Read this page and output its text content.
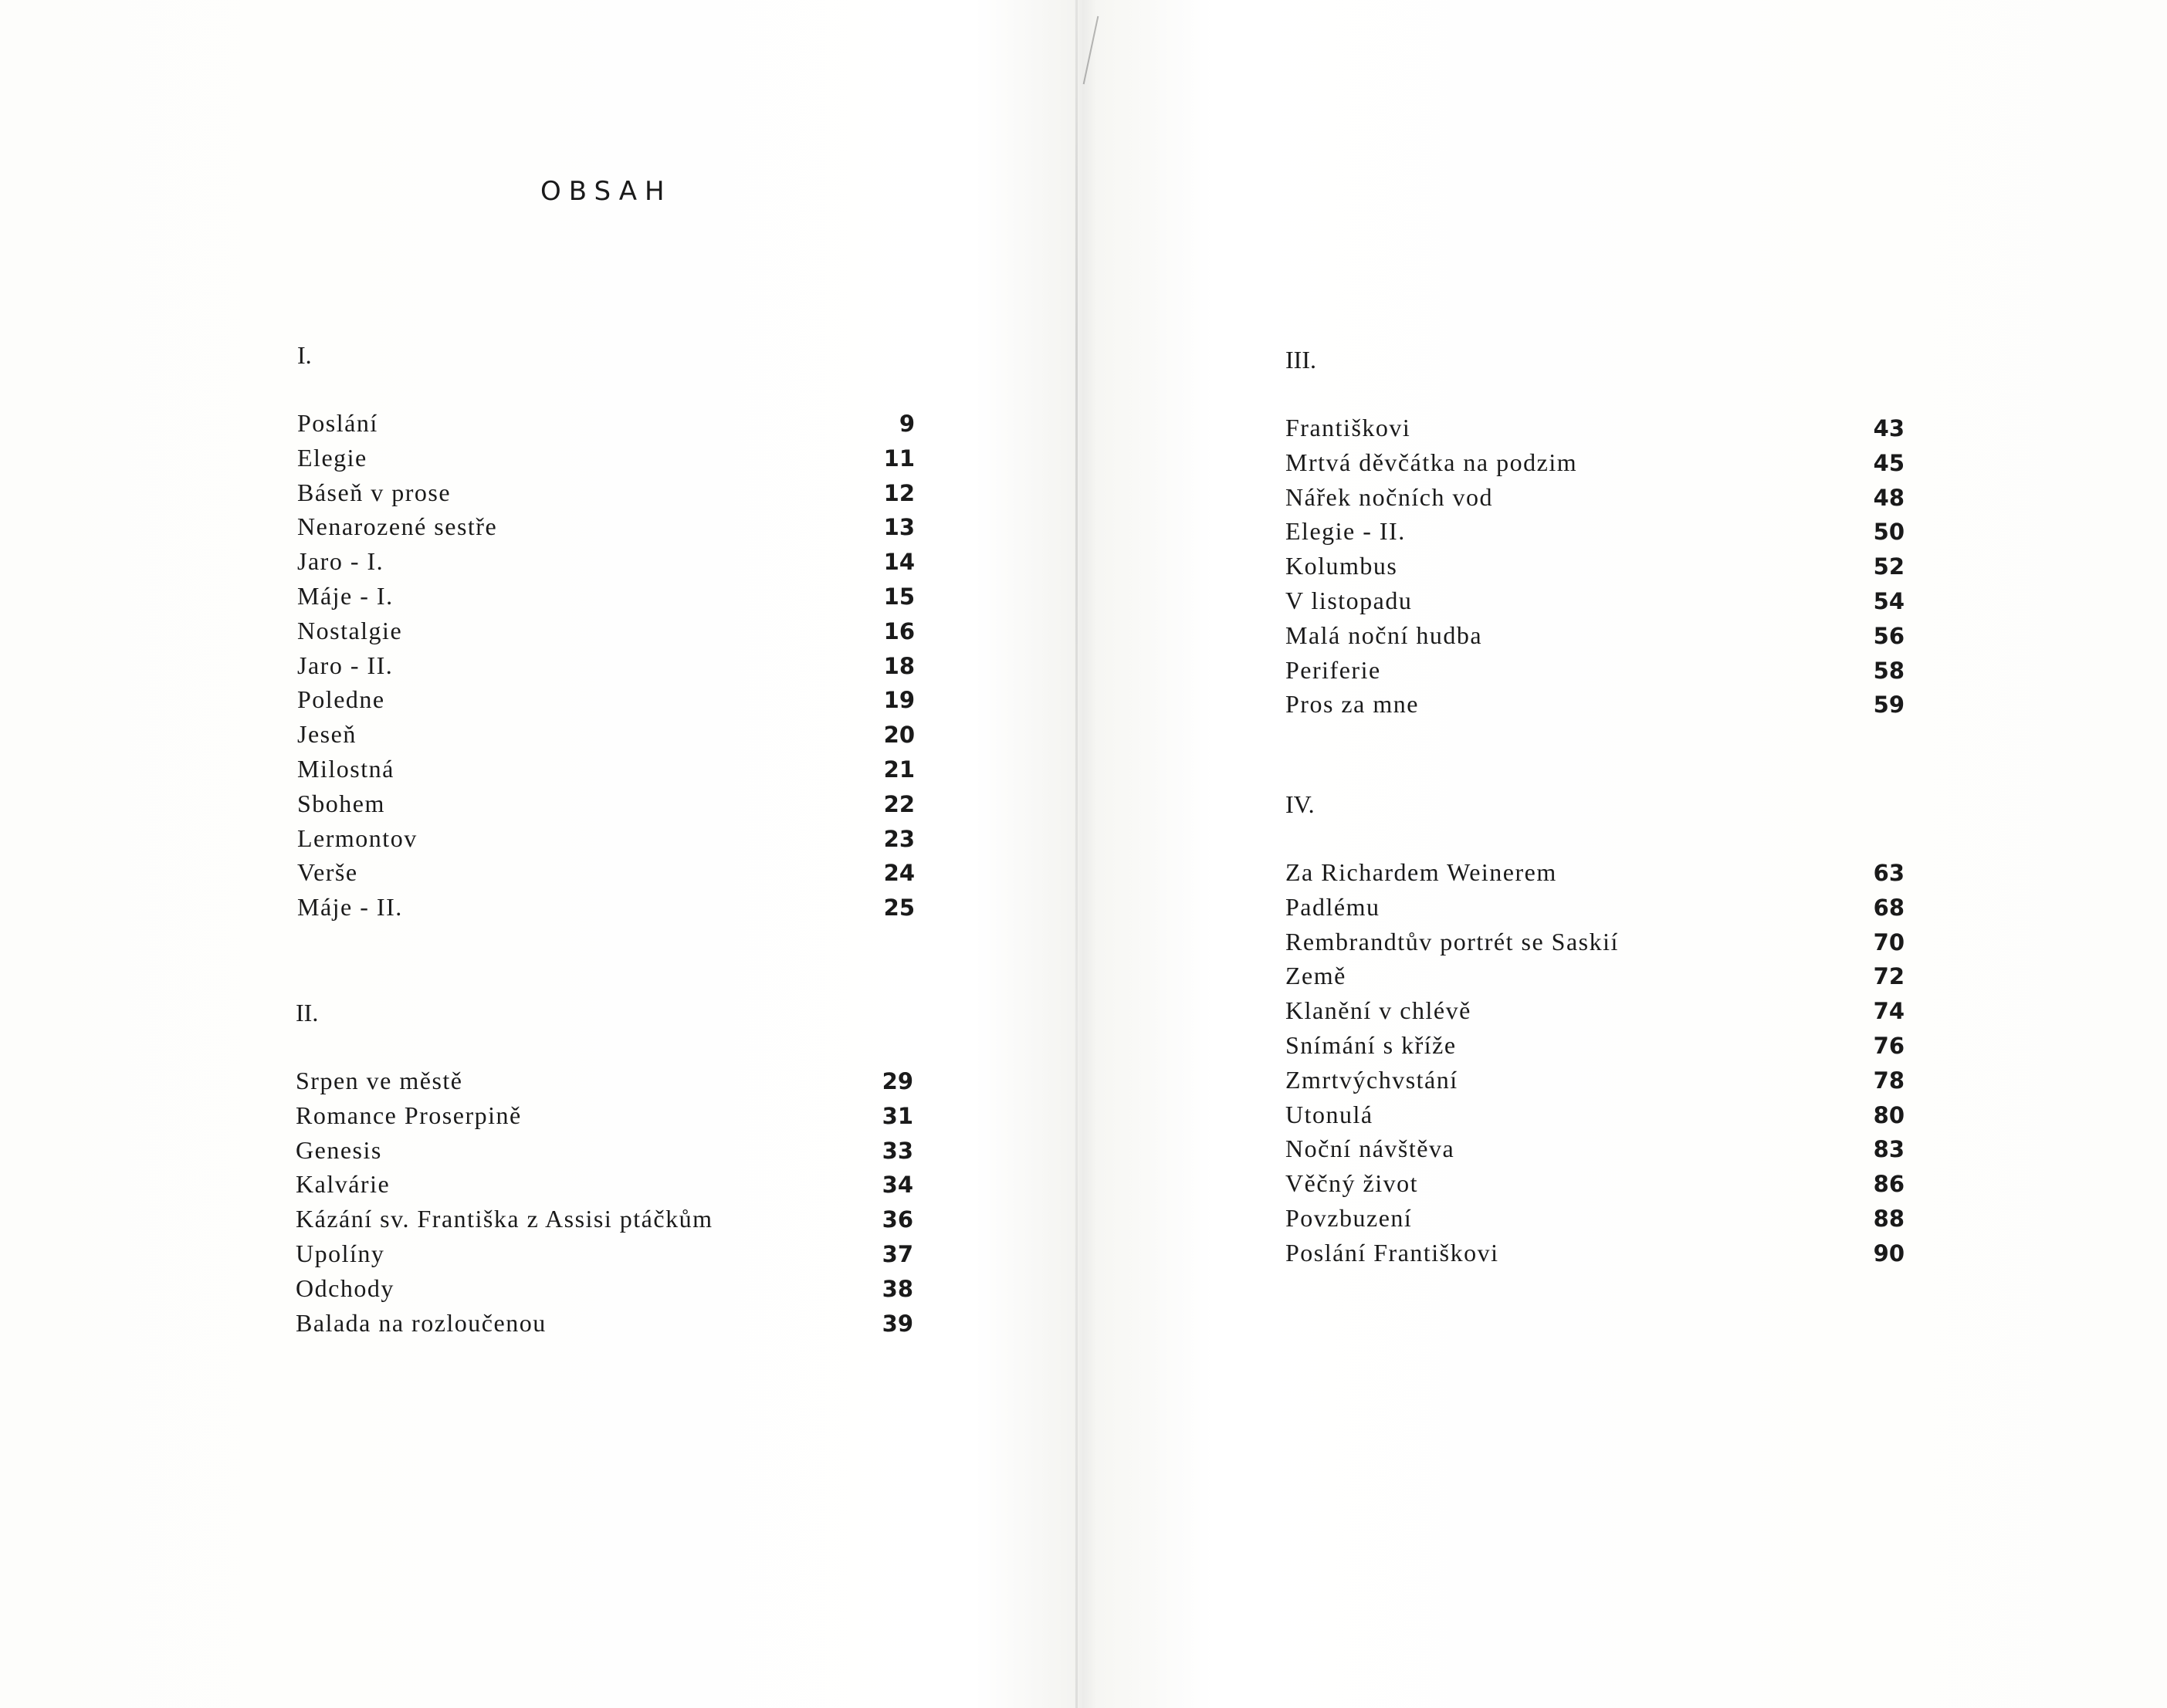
OBSAH
I.
Poslání	9
Elegie	11
Báseň v prose	12
Nenarozené sestře	13
Jaro - I.	14
Máje - I.	15
Nostalgie	16
Jaro - II.	18
Poledne	19
Jeseň	20
Milostná	21
Sbohem	22
Lermontov	23
Verše	24
Máje - II.	25
II.
Srpen ve městě	29
Romance Proserpině	31
Genesis	33
Kalvárie	34
Kázání sv. Františka z Assisi ptáčkům	36
Upolíny	37
Odchody	38
Balada na rozloučenou	39
III.
Františkovi	43
Mrtvá děvčátka na podzim	45
Nářek nočních vod	48
Elegie - II.	50
Kolumbus	52
V listopadu	54
Malá noční hudba	56
Periferie	58
Pros za mne	59
IV.
Za Richardem Weinerem	63
Padlému	68
Rembrandtův portrét se Saskií	70
Země	72
Klanění v chlévě	74
Snímání s kříže	76
Zmrtvýchvstání	78
Utonulá	80
Noční návštěva	83
Věčný život	86
Povzbuzení	88
Poslání Františkovi	90
